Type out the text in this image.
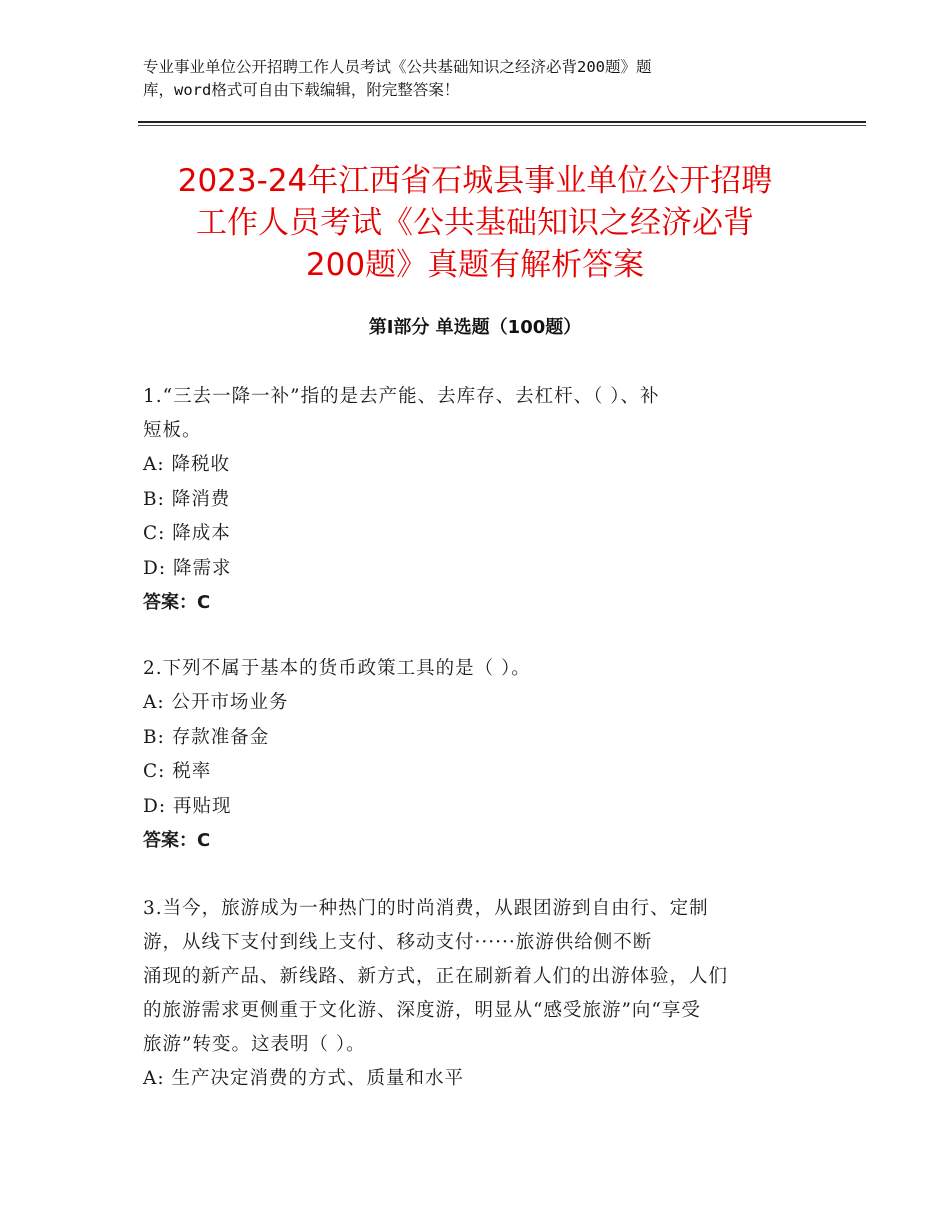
专业事业单位公开招聘工作人员考试《公共基础知识之经济必背200题》题
库，word格式可自由下载编辑，附完整答案！
2023-24年江西省石城县事业单位公开招聘
工作人员考试《公共基础知识之经济必背
200题》真题有解析答案
第Ⅰ部分 单选题（100题）

1.“三去一降一补”指的是去产能、去库存、去杠杆、（ ）、补

短板。

A: 降税收

B: 降消费

C: 降成本

D: 降需求

答案：C

2.下列不属于基本的货币政策工具的是（ ）。

A: 公开市场业务

B: 存款准备金

C: 税率

D: 再贴现

答案：C

3.当今，旅游成为一种热门的时尚消费，从跟团游到自由行、定制

游，从线下支付到线上支付、移动支付······旅游供给侧不断

涌现的新产品、新线路、新方式，正在刷新着人们的出游体验，人们

的旅游需求更侧重于文化游、深度游，明显从“感受旅游”向“享受

旅游”转变。这表明（ ）。

A: 生产决定消费的方式、质量和水平
